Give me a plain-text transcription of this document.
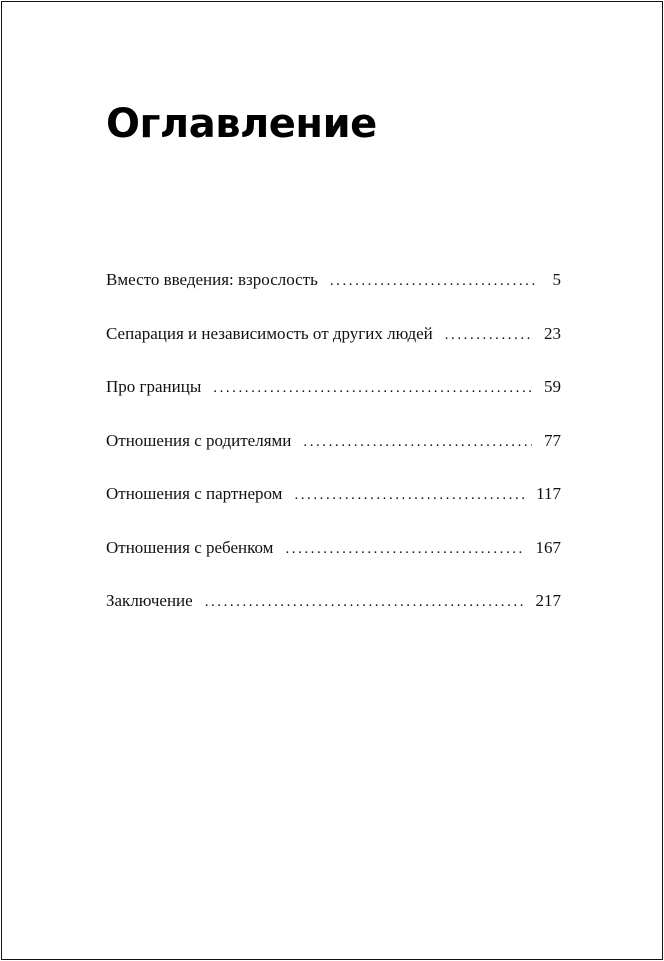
Оглавление
Вместо введения: взрослость . . .	5
Сепарация и независимость от других людей . . .	23
Про границы . . .	59
Отношения с родителями . . .	77
Отношения с партнером . . .	117
Отношения с ребенком . . .	167
Заключение . . .	217
